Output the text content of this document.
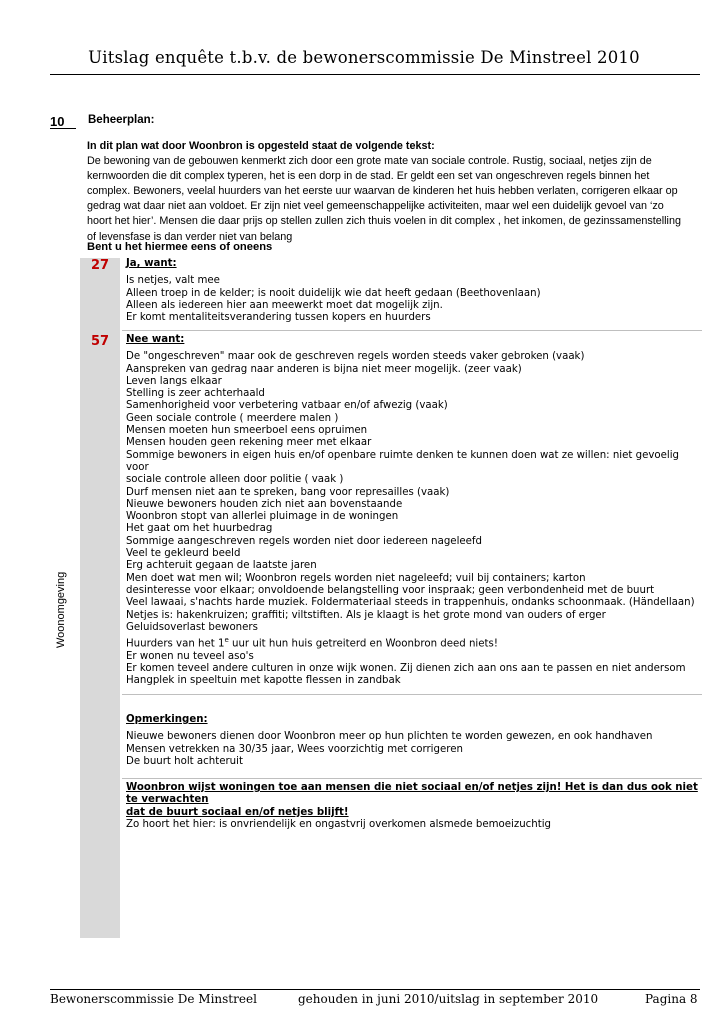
Uitslag enquête t.b.v. de bewonerscommissie De Minstreel 2010
10 Beheerplan:
Woonomgeving
In dit plan wat door Woonbron is opgesteld staat de volgende tekst:
De bewoning van de gebouwen kenmerkt zich door een grote mate van sociale controle. Rustig, sociaal, netjes zijn de
kernwoorden die dit complex typeren, het is een dorp in de stad. Er geldt een set van ongeschreven regels binnen het
complex. Bewoners, veelal huurders van het eerste uur waarvan de kinderen het huis hebben verlaten, corrigeren elkaar op
gedrag wat daar niet aan voldoet. Er zijn niet veel gemeenschappelijke activiteiten, maar wel een duidelijk gevoel van ‘zo
hoort het hier’. Mensen die daar prijs op stellen zullen zich thuis voelen in dit complex , het inkomen, de gezinssamenstelling
of levensfase is dan verder niet van belang
Bent u het hiermee eens of oneens
27	Ja, want:
Is netjes, valt mee
Alleen troep in de kelder; is nooit duidelijk wie dat heeft gedaan (Beethovenlaan)
Alleen als iedereen hier aan meewerkt moet dat mogelijk zijn.
Er komt mentaliteitsverandering tussen kopers en huurders
57	Nee want:
De "ongeschreven" maar ook de geschreven regels worden steeds vaker gebroken (vaak)
Aanspreken van gedrag naar anderen is bijna niet meer mogelijk. (zeer vaak)
Leven langs elkaar
Stelling is zeer achterhaald
Samenhorigheid voor verbetering vatbaar en/of afwezig (vaak)
Geen sociale controle ( meerdere malen )
Mensen moeten hun smeerboel eens opruimen
Mensen houden geen rekening meer met elkaar
Sommige bewoners in eigen huis en/of openbare ruimte denken te kunnen doen wat ze willen: niet gevoelig voor
sociale controle alleen door politie ( vaak )
Durf mensen niet aan te spreken, bang voor represailles (vaak)
Nieuwe bewoners houden zich niet aan bovenstaande
Woonbron stopt van allerlei pluimage in de woningen
Het gaat om het huurbedrag
Sommige aangeschreven regels worden niet door iedereen nageleefd
Veel te gekleurd beeld
Erg achteruit gegaan de laatste jaren
Men doet wat men wil; Woonbron regels worden niet nageleefd; vuil bij containers; karton
desinteresse voor elkaar; onvoldoende belangstelling voor inspraak; geen verbondenheid met de buurt
Veel lawaai, s'nachts harde muziek. Foldermateriaal steeds in trappenhuis, ondanks schoonmaak. (Händellaan)
Netjes is: hakenkruizen; graffiti; viltstiften. Als je klaagt is het grote mond van ouders of erger
Geluidsoverlast bewoners
Huurders van het 1e uur uit hun huis getreiterd en Woonbron deed niets!
Er wonen nu teveel aso's
Er komen teveel andere culturen in onze wijk wonen. Zij dienen zich aan ons aan te passen en niet andersom
Hangplek in speeltuin met kapotte flessen in zandbak
Opmerkingen:
Nieuwe bewoners dienen door Woonbron meer op hun plichten te worden gewezen, en ook handhaven
Mensen vetrekken na 30/35 jaar, Wees voorzichtig met corrigeren
De buurt holt achteruit
Woonbron wijst woningen toe aan mensen die niet sociaal en/of netjes zijn! Het is dan dus ook niet te verwachten
dat de buurt sociaal en/of netjes blijft!
Zo hoort het hier: is onvriendelijk en ongastvrij overkomen alsmede bemoeizuchtig
Bewonerscommissie De Minstreel	gehouden in juni 2010/uitslag in september 2010	Pagina 8
